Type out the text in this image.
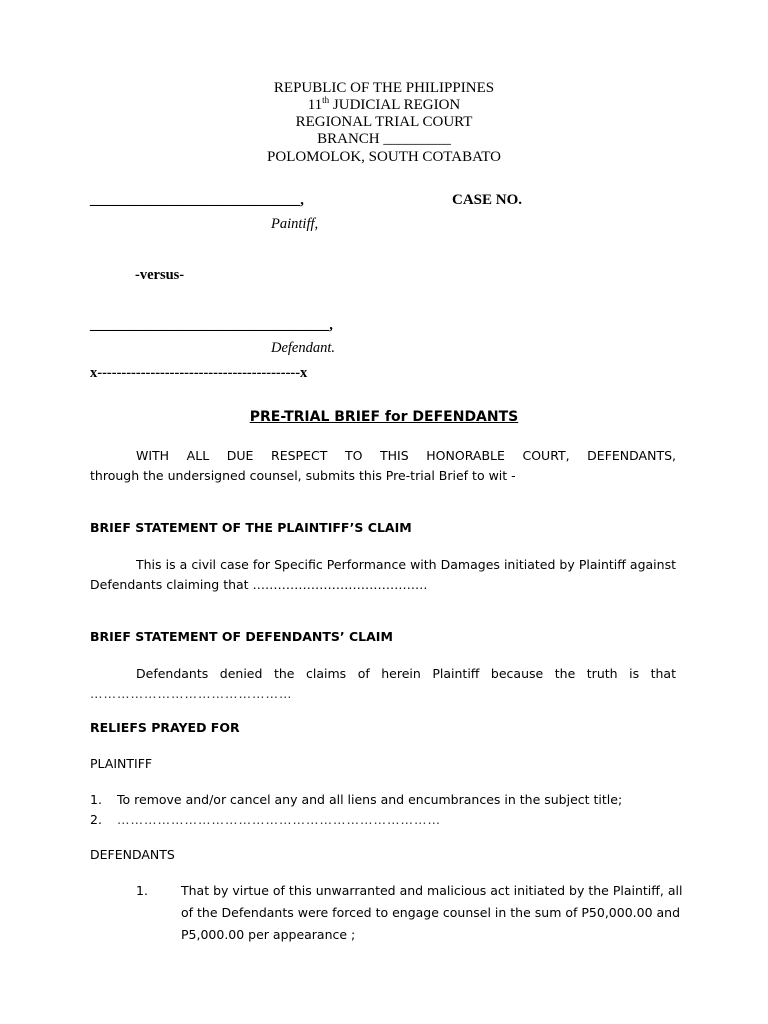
REPUBLIC OF THE PHILIPPINES
11th JUDICIAL REGION
REGIONAL TRIAL COURT
BRANCH _________
POLOMOLOK, SOUTH COTABATO
_____________________________,	CASE NO.
Paintiff,
-versus-
_________________________________,
Defendant.
x------------------------------------------x
PRE-TRIAL BRIEF for DEFENDANTS
WITH ALL DUE RESPECT TO THIS HONORABLE COURT, DEFENDANTS,
through the undersigned counsel, submits this Pre-trial Brief to wit -
BRIEF STATEMENT OF THE PLAINTIFF’S CLAIM
This is a civil case for Specific Performance with Damages initiated by Plaintiff against
Defendants claiming that ……………………………………
BRIEF STATEMENT OF DEFENDANTS’ CLAIM
Defendants denied the claims of herein Plaintiff because the truth is that
………………………………………
RELIEFS PRAYED FOR
PLAINTIFF
1. To remove and/or cancel any and all liens and encumbrances in the subject title;
2. ………………………………………………………………
DEFENDANTS
1.	That by virtue of this unwarranted and malicious act initiated by the Plaintiff, all
of the Defendants were forced to engage counsel in the sum of P50,000.00 and
P5,000.00 per appearance ;
